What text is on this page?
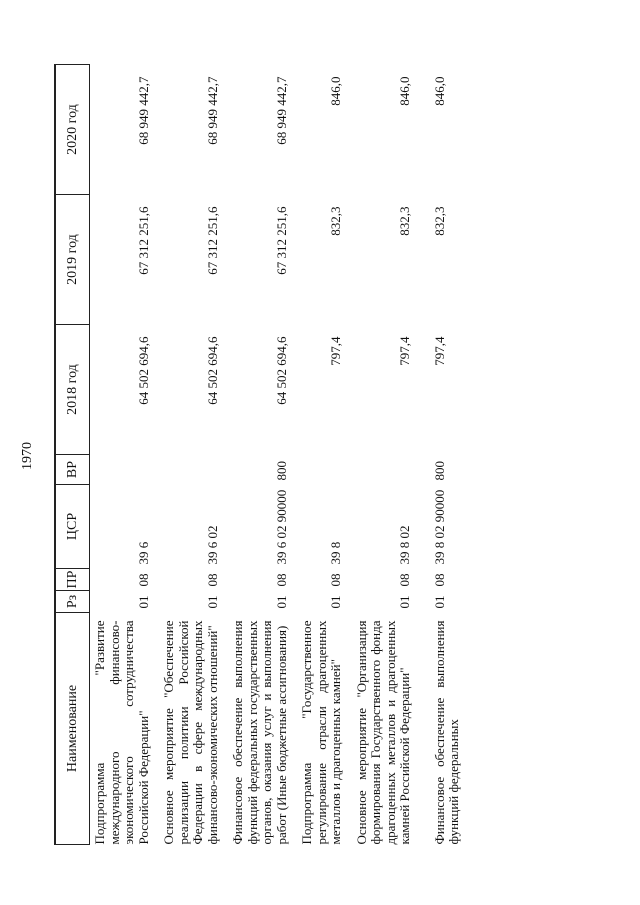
1970
Наименование	Рз	ПР	ЦСР	ВР	2018 год	2019 год	2020 год
Подпрограмма "Развитие международного финансово-экономического сотрудничества Российской Федерации"	01	08	39 6		64 502 694,6	67 312 251,6	68 949 442,7
Основное мероприятие "Обеспечение реализации политики Российской Федерации в сфере международных финансово-экономических отношений"	01	08	39 6 02		64 502 694,6	67 312 251,6	68 949 442,7
Финансовое обеспечение выполнения функций федеральных государственных органов, оказания услуг и выполнения работ (Иные бюджетные ассигнования)	01	08	39 6 02 90000	800	64 502 694,6	67 312 251,6	68 949 442,7
Подпрограмма "Государственное регулирование отрасли драгоценных металлов и драгоценных камней"	01	08	39 8		797,4	832,3	846,0
Основное мероприятие "Организация формирования Государственного фонда драгоценных металлов и драгоценных камней Российской Федерации"	01	08	39 8 02		797,4	832,3	846,0
Финансовое обеспечение выполнения функций федеральных	01	08	39 8 02 90000	800	797,4	832,3	846,0
